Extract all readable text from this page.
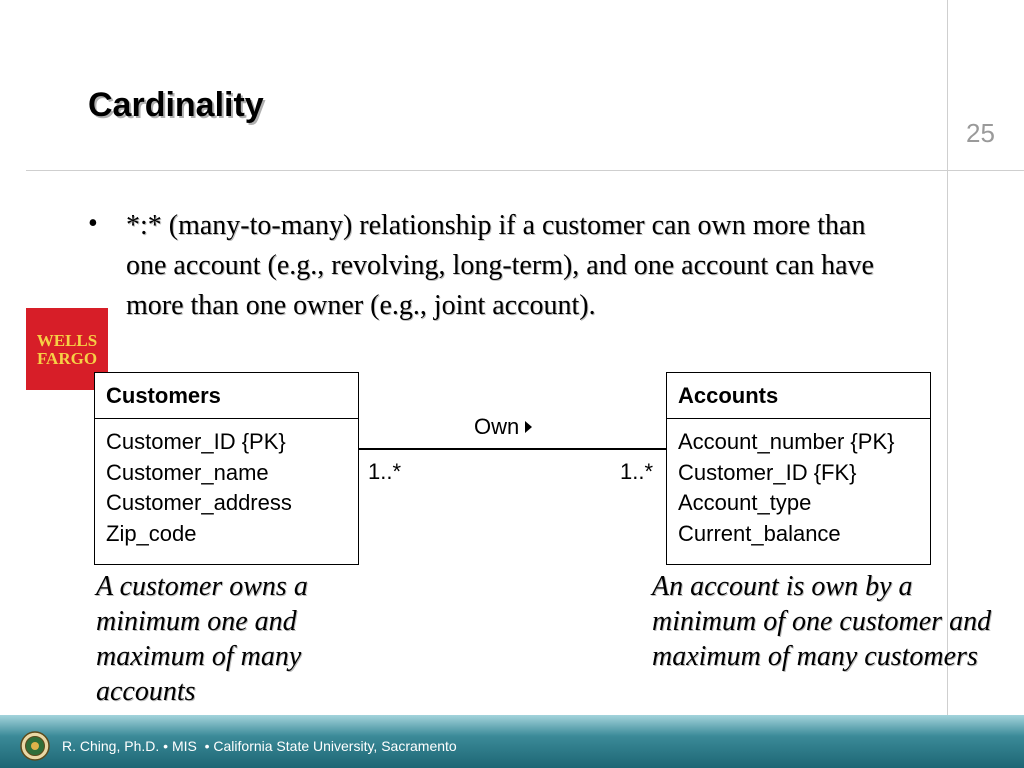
Cardinality
25
• *:* (many-to-many) relationship if a customer can own more than one account (e.g., revolving, long-term), and one account can have more than one owner (e.g., joint account).
WELLS
FARGO
Customers
Customer_ID {PK}
Customer_name
Customer_address
Zip_code
Accounts
Account_number {PK}
Customer_ID {FK}
Account_type
Current_balance
Own
1..*	1..*
A customer owns a minimum one and maximum of many accounts
An account is own by a minimum of one customer and maximum of many customers
R. Ching, Ph.D. • MIS  • California State University, Sacramento
